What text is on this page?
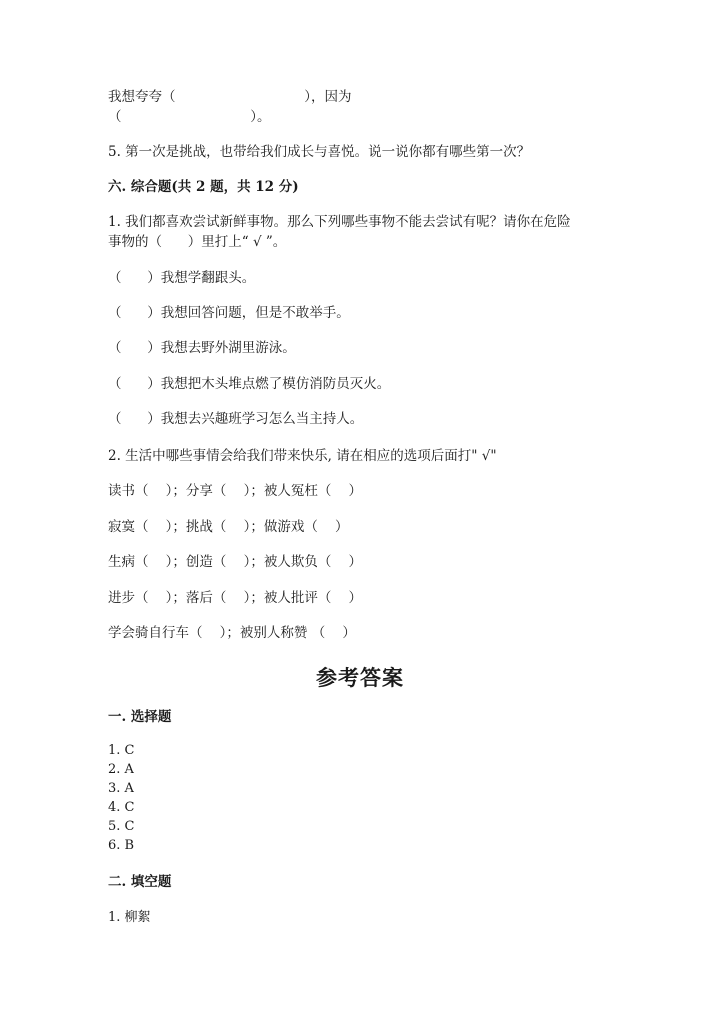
我想夸夸（                              ），因为
（                              ）。
5. 第一次是挑战，也带给我们成长与喜悦。说一说你都有哪些第一次？
六. 综合题(共 2 题，共 12 分)
1. 我们都喜欢尝试新鲜事物。那么下列哪些事物不能去尝试有呢？请你在危险
事物的（      ）里打上“ √ ”。
（      ）我想学翻跟头。
（      ）我想回答问题，但是不敢举手。
（      ）我想去野外湖里游泳。
（      ）我想把木头堆点燃了模仿消防员灭火。
（      ）我想去兴趣班学习怎么当主持人。
2. 生活中哪些事情会给我们带来快乐, 请在相应的选项后面打" √"
读书（    ）；分享（    ）；被人冤枉（    ）
寂寞（    ）；挑战（    ）；做游戏（    ）
生病（    ）；创造（    ）；被人欺负（    ）
进步（    ）；落后（    ）；被人批评（    ）
学会骑自行车（    ）；被别人称赞 （    ）
参考答案
一. 选择题
1. C
2. A
3. A
4. C
5. C
6. B
二. 填空题
1. 柳絮
